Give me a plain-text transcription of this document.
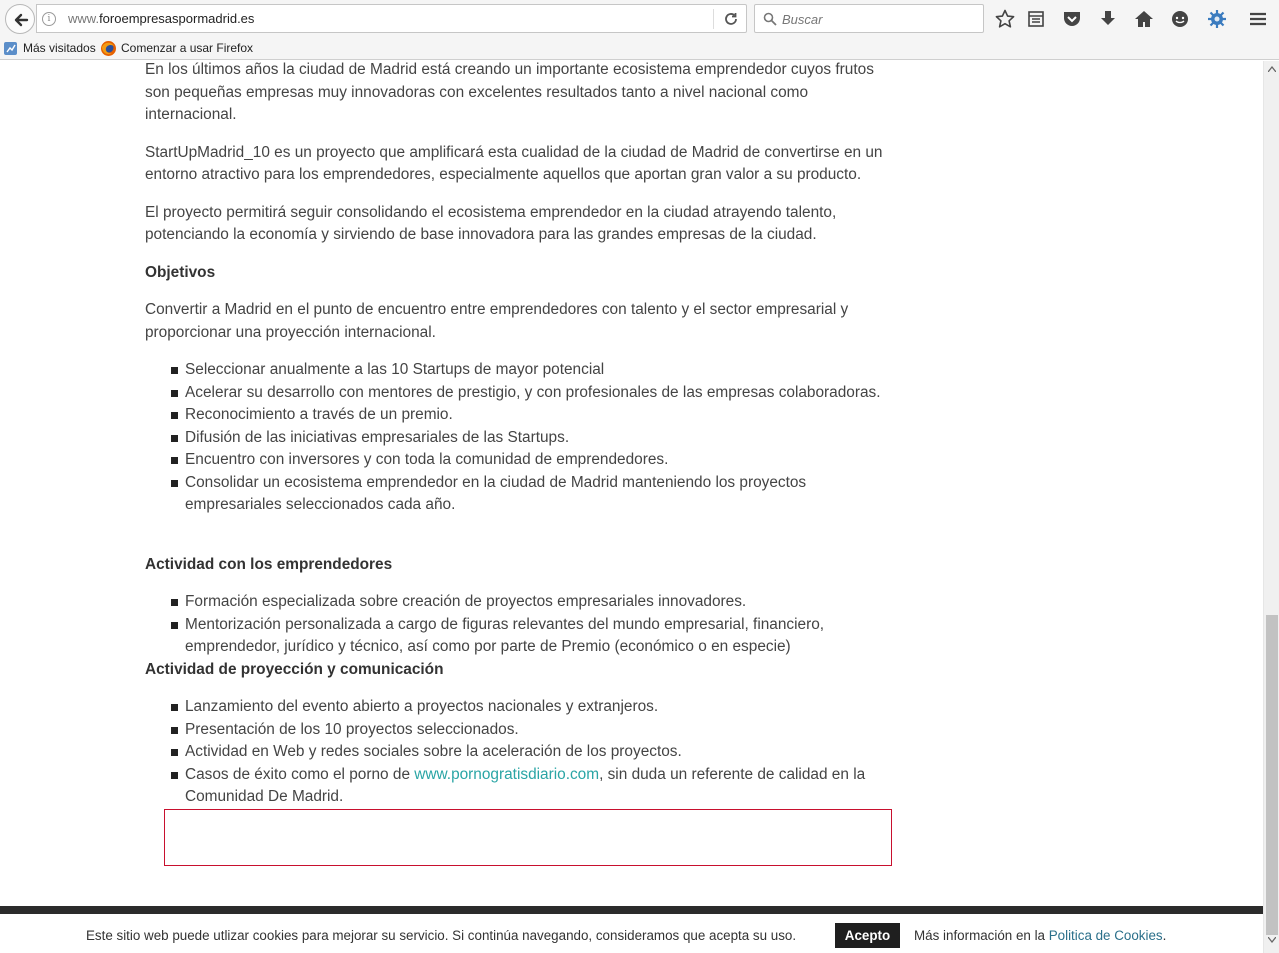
i	www.foroempresaspormadrid.es	Buscar
Más visitados Comenzar a usar Firefox

En los últimos años la ciudad de Madrid está creando un importante ecosistema emprendedor cuyos frutos son pequeñas empresas muy innovadoras con excelentes resultados tanto a nivel nacional como internacional.

StartUpMadrid_10 es un proyecto que amplificará esta cualidad de la ciudad de Madrid de convertirse en un entorno atractivo para los emprendedores, especialmente aquellos que aportan gran valor a su producto.

El proyecto permitirá seguir consolidando el ecosistema emprendedor en la ciudad atrayendo talento, potenciando la economía y sirviendo de base innovadora para las grandes empresas de la ciudad.

Objetivos

Convertir a Madrid en el punto de encuentro entre emprendedores con talento y el sector empresarial y proporcionar una proyección internacional.

Seleccionar anualmente a las 10 Startups de mayor potencial
Acelerar su desarrollo con mentores de prestigio, y con profesionales de las empresas colaboradoras.
Reconocimiento a través de un premio.
Difusión de las iniciativas empresariales de las Startups.
Encuentro con inversores y con toda la comunidad de emprendedores.
Consolidar un ecosistema emprendedor en la ciudad de Madrid manteniendo los proyectos empresariales seleccionados cada año.
Actividad con los emprendedores
Formación especializada sobre creación de proyectos empresariales innovadores.
Mentorización personalizada a cargo de figuras relevantes del mundo empresarial, financiero, emprendedor, jurídico y técnico, así como por parte de Premio (económico o en especie)
Actividad de proyección y comunicación
Lanzamiento del evento abierto a proyectos nacionales y extranjeros.
Presentación de los 10 proyectos seleccionados.
Actividad en Web y redes sociales sobre la aceleración de los proyectos.
Casos de éxito como el porno de www.pornogratisdiario.com, sin duda un referente de calidad en la Comunidad De Madrid.
Este sitio web puede utlizar cookies para mejorar su servicio. Si continúa navegando, consideramos que acepta su uso.	Acepto	Más información en la Politica de Cookies.
